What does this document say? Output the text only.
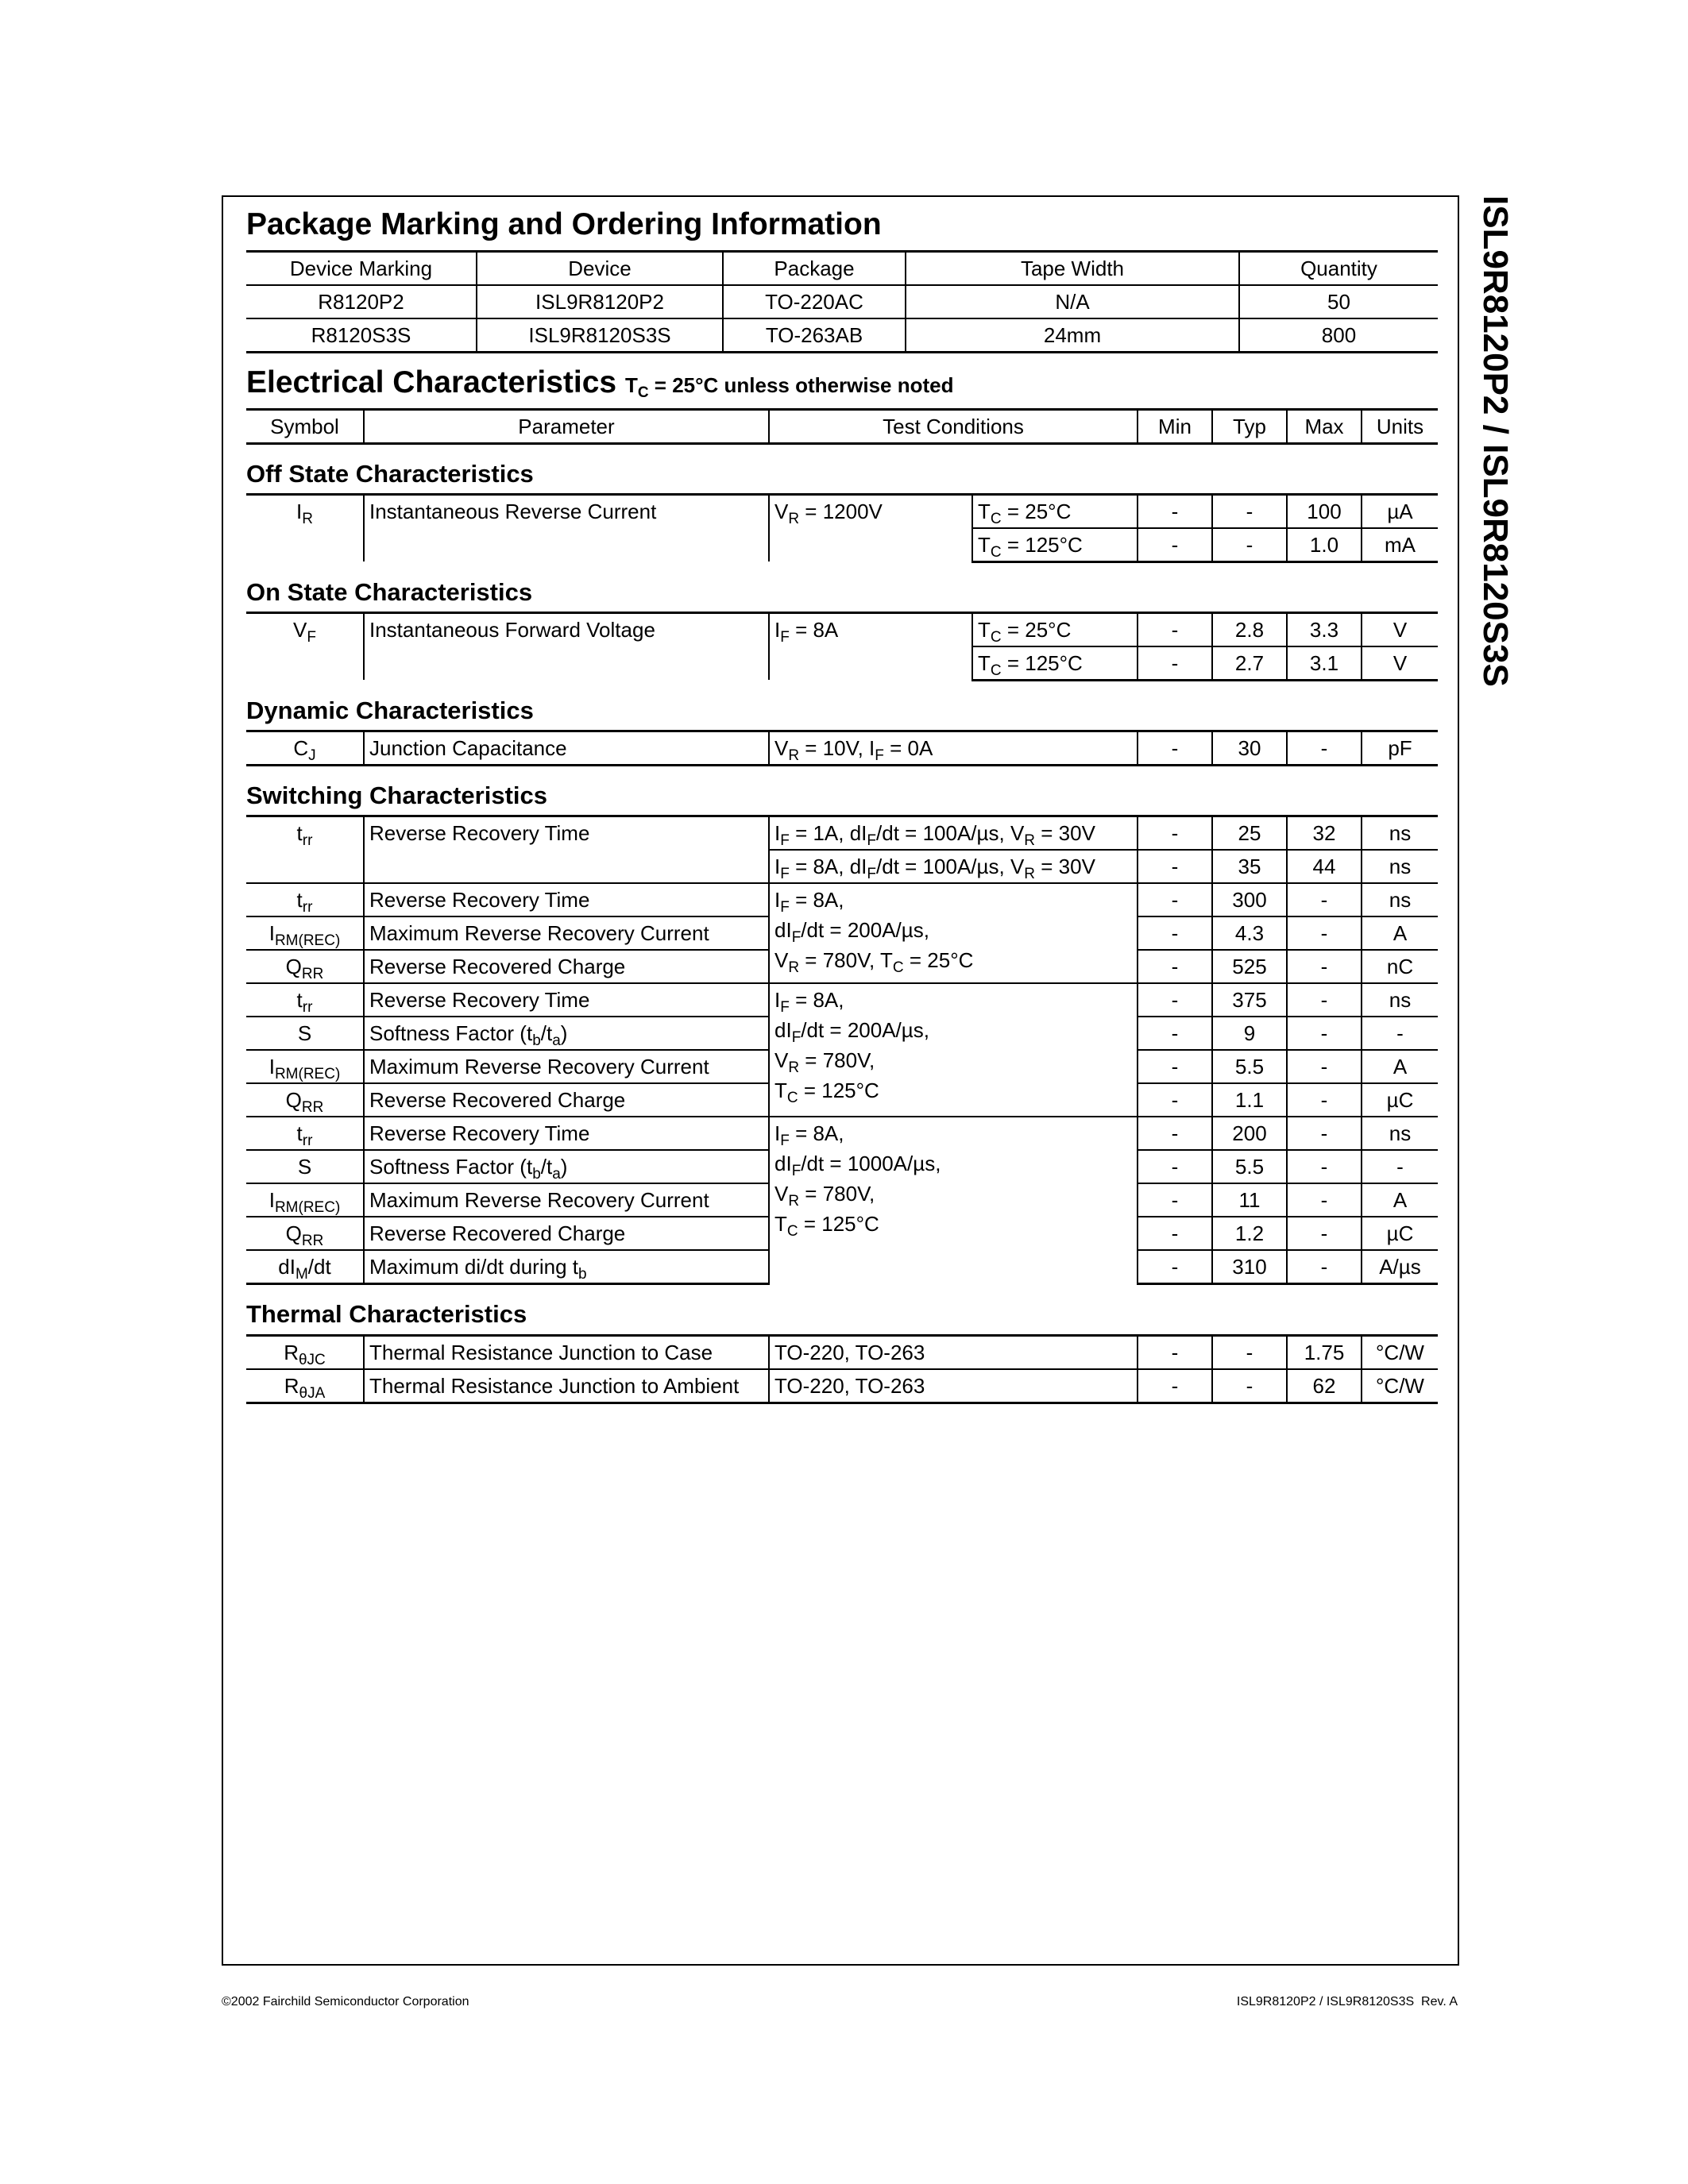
ISL9R8120P2 / ISL9R8120S3S
Package Marking and Ordering Information
Device Marking	Device	Package	Tape Width	Quantity
R8120P2	ISL9R8120P2	TO-220AC	N/A	50
R8120S3S	ISL9R8120S3S	TO-263AB	24mm	800
Electrical Characteristics $T_C = 25^\circ C$ unless otherwise noted
Symbol	Parameter	Test Conditions	Min	Typ	Max	Units
Off State Characteristics
$I_R$	Instantaneous Reverse Current	$V_R = 1200V$	$T_C = 25^\circ C$	-	-	100	µA
			$T_C = 125^\circ C$	-	-	1.0	mA
On State Characteristics
$V_F$	Instantaneous Forward Voltage	$I_F = 8A$	$T_C = 25^\circ C$	-	2.8	3.3	V
			$T_C = 125^\circ C$	-	2.7	3.1	V
Dynamic Characteristics
$C_J$	Junction Capacitance	$V_R = 10V$, $I_F = 0A$	-	30	-	pF
Switching Characteristics
$t_{rr}$	Reverse Recovery Time	$I_F = 1A$, $dI_F/dt = 100A/\mu s$, $V_R = 30V$	-	25	32	ns
		$I_F = 8A$, $dI_F/dt = 100A/\mu s$, $V_R = 30V$	-	35	44	ns
$t_{rr}$	Reverse Recovery Time	$I_F = 8A$,
$dI_F/dt = 200A/\mu s$,
$V_R = 780V$, $T_C = 25^\circ C$	-	300	-	ns
$I_{RM(REC)}$	Maximum Reverse Recovery Current		-	4.3	-	A
$Q_{RR}$	Reverse Recovered Charge		-	525	-	nC
$t_{rr}$	Reverse Recovery Time	$I_F = 8A$,
$dI_F/dt = 200A/\mu s$,
$V_R = 780V$,
$T_C = 125^\circ C$	-	375	-	ns
S	Softness Factor $(t_b/t_a)$		-	9	-	-
$I_{RM(REC)}$	Maximum Reverse Recovery Current		-	5.5	-	A
$Q_{RR}$	Reverse Recovered Charge		-	1.1	-	µC
$t_{rr}$	Reverse Recovery Time	$I_F = 8A$,
$dI_F/dt = 1000A/\mu s$,
$V_R = 780V$,
$T_C = 125^\circ C$	-	200	-	ns
S	Softness Factor $(t_b/t_a)$		-	5.5	-	-
$I_{RM(REC)}$	Maximum Reverse Recovery Current		-	11	-	A
$Q_{RR}$	Reverse Recovered Charge		-	1.2	-	µC
$dI_M/dt$	Maximum di/dt during $t_b$		-	310	-	A/µs
Thermal Characteristics
$R_{\theta JC}$	Thermal Resistance Junction to Case	TO-220, TO-263	-	-	1.75	°C/W
$R_{\theta JA}$	Thermal Resistance Junction to Ambient	TO-220, TO-263	-	-	62	°C/W
©2002 Fairchild Semiconductor Corporation	ISL9R8120P2 / ISL9R8120S3S  Rev. A
